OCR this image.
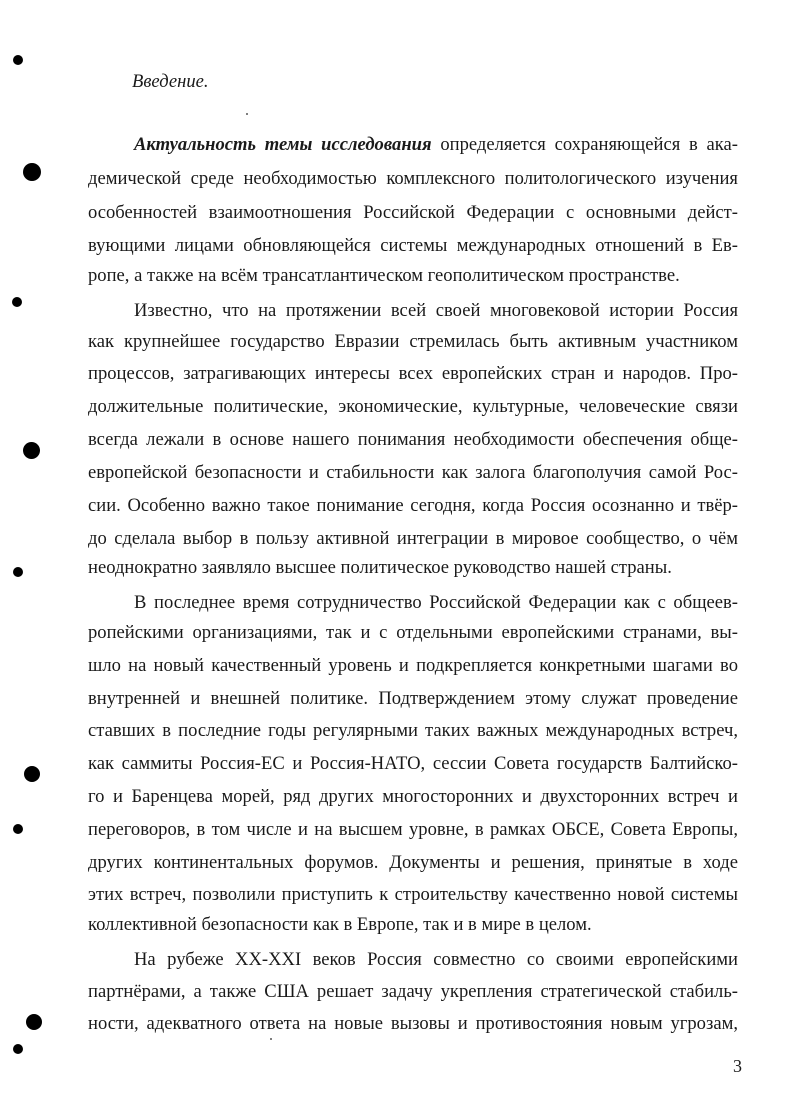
Введение.
Актуальность темы исследования определяется сохраняющейся в ака-
демической среде необходимостью комплексного политологического изучения
особенностей взаимоотношения Российской Федерации с основными дейст-
вующими лицами обновляющейся системы международных отношений в Ев-
ропе, а также на всём трансатлантическом геополитическом пространстве.
Известно, что на протяжении всей своей многовековой истории Россия
как крупнейшее государство Евразии стремилась быть активным участником
процессов, затрагивающих интересы всех европейских стран и народов. Про-
должительные политические, экономические, культурные, человеческие связи
всегда лежали в основе нашего понимания необходимости обеспечения обще-
европейской безопасности и стабильности как залога благополучия самой Рос-
сии. Особенно важно такое понимание сегодня, когда Россия осознанно и твёр-
до сделала выбор в пользу активной интеграции в мировое сообщество, о чём
неоднократно заявляло высшее политическое руководство нашей страны.
В последнее время сотрудничество Российской Федерации как с общеев-
ропейскими организациями, так и с отдельными европейскими странами, вы-
шло на новый качественный уровень и подкрепляется конкретными шагами во
внутренней и внешней политике. Подтверждением этому служат проведение
ставших в последние годы регулярными таких важных международных встреч,
как саммиты Россия-ЕС и Россия-НАТО, сессии Совета государств Балтийско-
го и Баренцева морей, ряд других многосторонних и двухсторонних встреч и
переговоров, в том числе и на высшем уровне, в рамках ОБСЕ, Совета Европы,
других континентальных форумов. Документы и решения, принятые в ходе
этих встреч, позволили приступить к строительству качественно новой системы
коллективной безопасности как в Европе, так и в мире в целом.
На рубеже XX-XXI веков Россия совместно со своими европейскими
партнёрами, а также США решает задачу укрепления стратегической стабиль-
ности, адекватного ответа на новые вызовы и противостояния новым угрозам,
3
